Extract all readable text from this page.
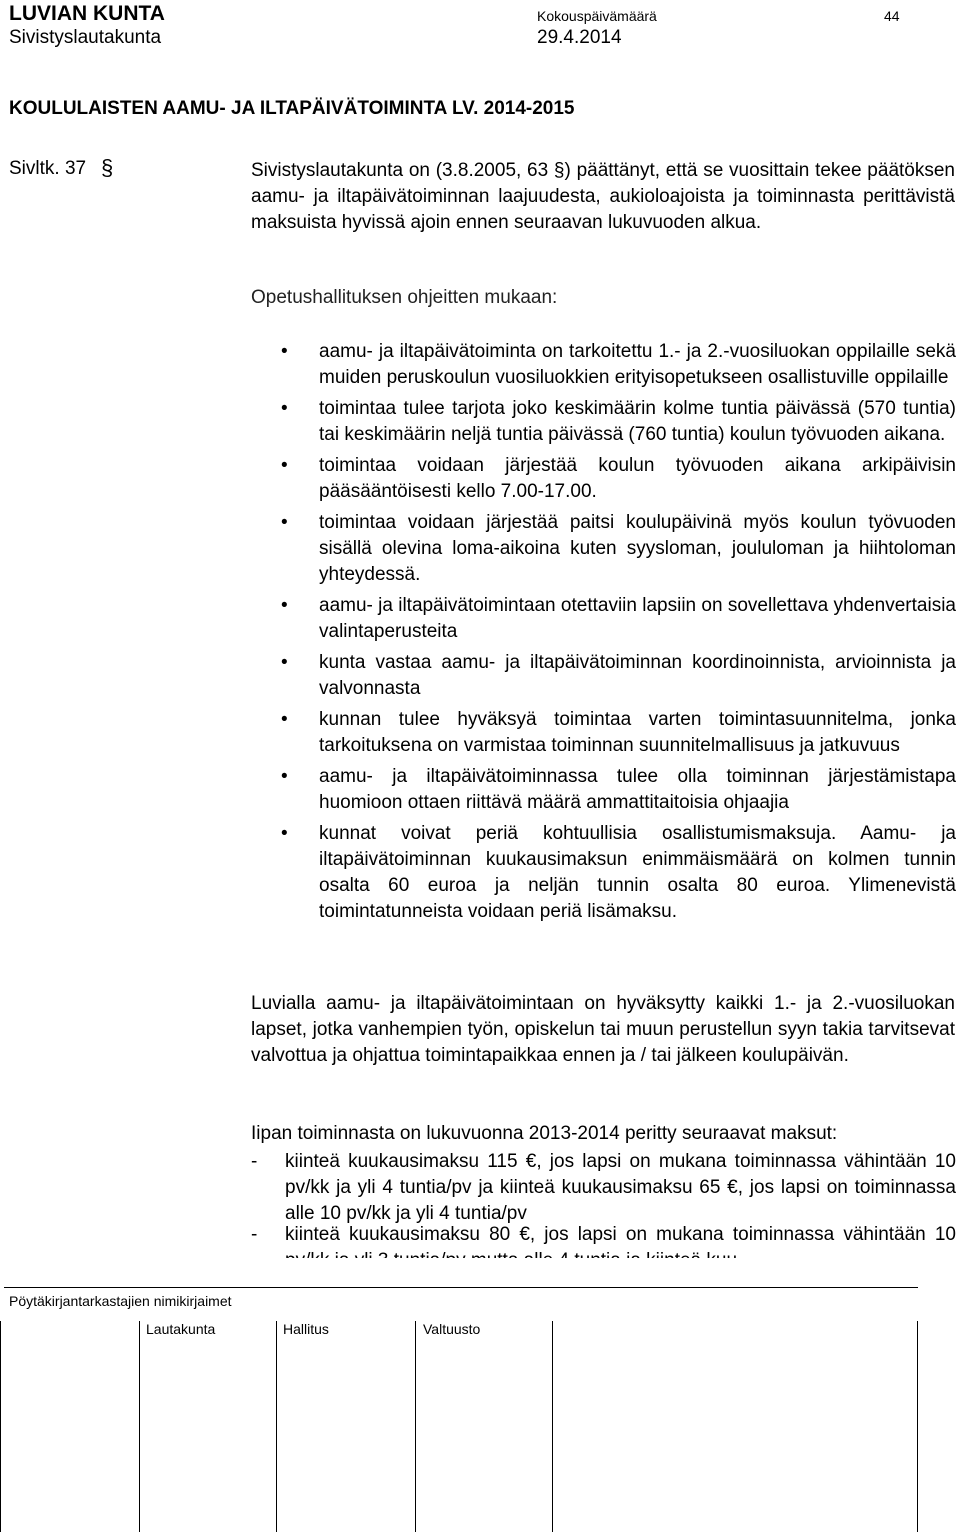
LUVIAN KUNTA
Sivistyslautakunta
Kokouspäivämäärä
29.4.2014
44
KOULULAISTEN AAMU- JA ILTAPÄIVÄTOIMINTA LV. 2014-2015
Sivltk. 37 §	Sivistyslautakunta on (3.8.2005, 63 §) päättänyt, että se vuosittain tekee päätöksen aamu- ja iltapäivätoiminnan laajuudesta, aukioloajoista ja toiminnasta perittävistä maksuista hyvissä ajoin ennen seuraavan lukuvuoden alkua.
Opetushallituksen ohjeitten mukaan:
• aamu- ja iltapäivätoiminta on tarkoitettu 1.- ja 2.-vuosiluokan oppilaille sekä muiden peruskoulun vuosiluokkien erityisopetukseen osallistuville oppilaille
• toimintaa tulee tarjota joko keskimäärin kolme tuntia päivässä (570 tuntia) tai keskimäärin neljä tuntia päivässä (760 tuntia) koulun työvuoden aikana.
• toimintaa voidaan järjestää koulun työvuoden aikana arkipäivisin pääsääntöisesti kello 7.00-17.00.
• toimintaa voidaan järjestää paitsi koulupäivinä myös koulun työvuoden sisällä olevina loma-aikoina kuten syysloman, joululoman ja hiihtoloman yhteydessä.
• aamu- ja iltapäivätoimintaan otettaviin lapsiin on sovellettava yhdenvertaisia valintaperusteita
• kunta vastaa aamu- ja iltapäivätoiminnan koordinoinnista, arvioinnista ja valvonnasta
• kunnan tulee hyväksyä toimintaa varten toimintasuunnitelma, jonka tarkoituksena on varmistaa toiminnan suunnitelmallisuus ja jatkuvuus
• aamu- ja iltapäivätoiminnassa tulee olla toiminnan järjestämistapa huomioon ottaen riittävä määrä ammattitaitoisia ohjaajia
• kunnat voivat periä kohtuullisia osallistumismaksuja. Aamu- ja iltapäivätoiminnan kuukausimaksun enimmäismäärä on kolmen tunnin osalta 60 euroa ja neljän tunnin osalta 80 euroa. Ylimenevistä toimintatunneista voidaan periä lisämaksu.
Luvialla aamu- ja iltapäivätoimintaan on hyväksytty kaikki 1.- ja 2.-vuosiluokan lapset, jotka vanhempien työn, opiskelun tai muun perustellun syyn takia tarvitsevat valvottua ja ohjattua toimintapaikkaa ennen ja / tai jälkeen koulupäivän.
Iipan toiminnasta on lukuvuonna 2013-2014 peritty seuraavat maksut:
- kiinteä kuukausimaksu 115 €, jos lapsi on mukana toiminnassa vähintään 10 pv/kk ja yli 4 tuntia/pv ja kiinteä kuukausimaksu 65 €, jos lapsi on toiminnassa alle 10 pv/kk ja yli 4 tuntia/pv
- kiinteä kuukausimaksu 80 €, jos lapsi on mukana toiminnassa vähintään 10
Pöytäkirjantarkastajien nimikirjaimet
Lautakunta	Hallitus	Valtuusto
